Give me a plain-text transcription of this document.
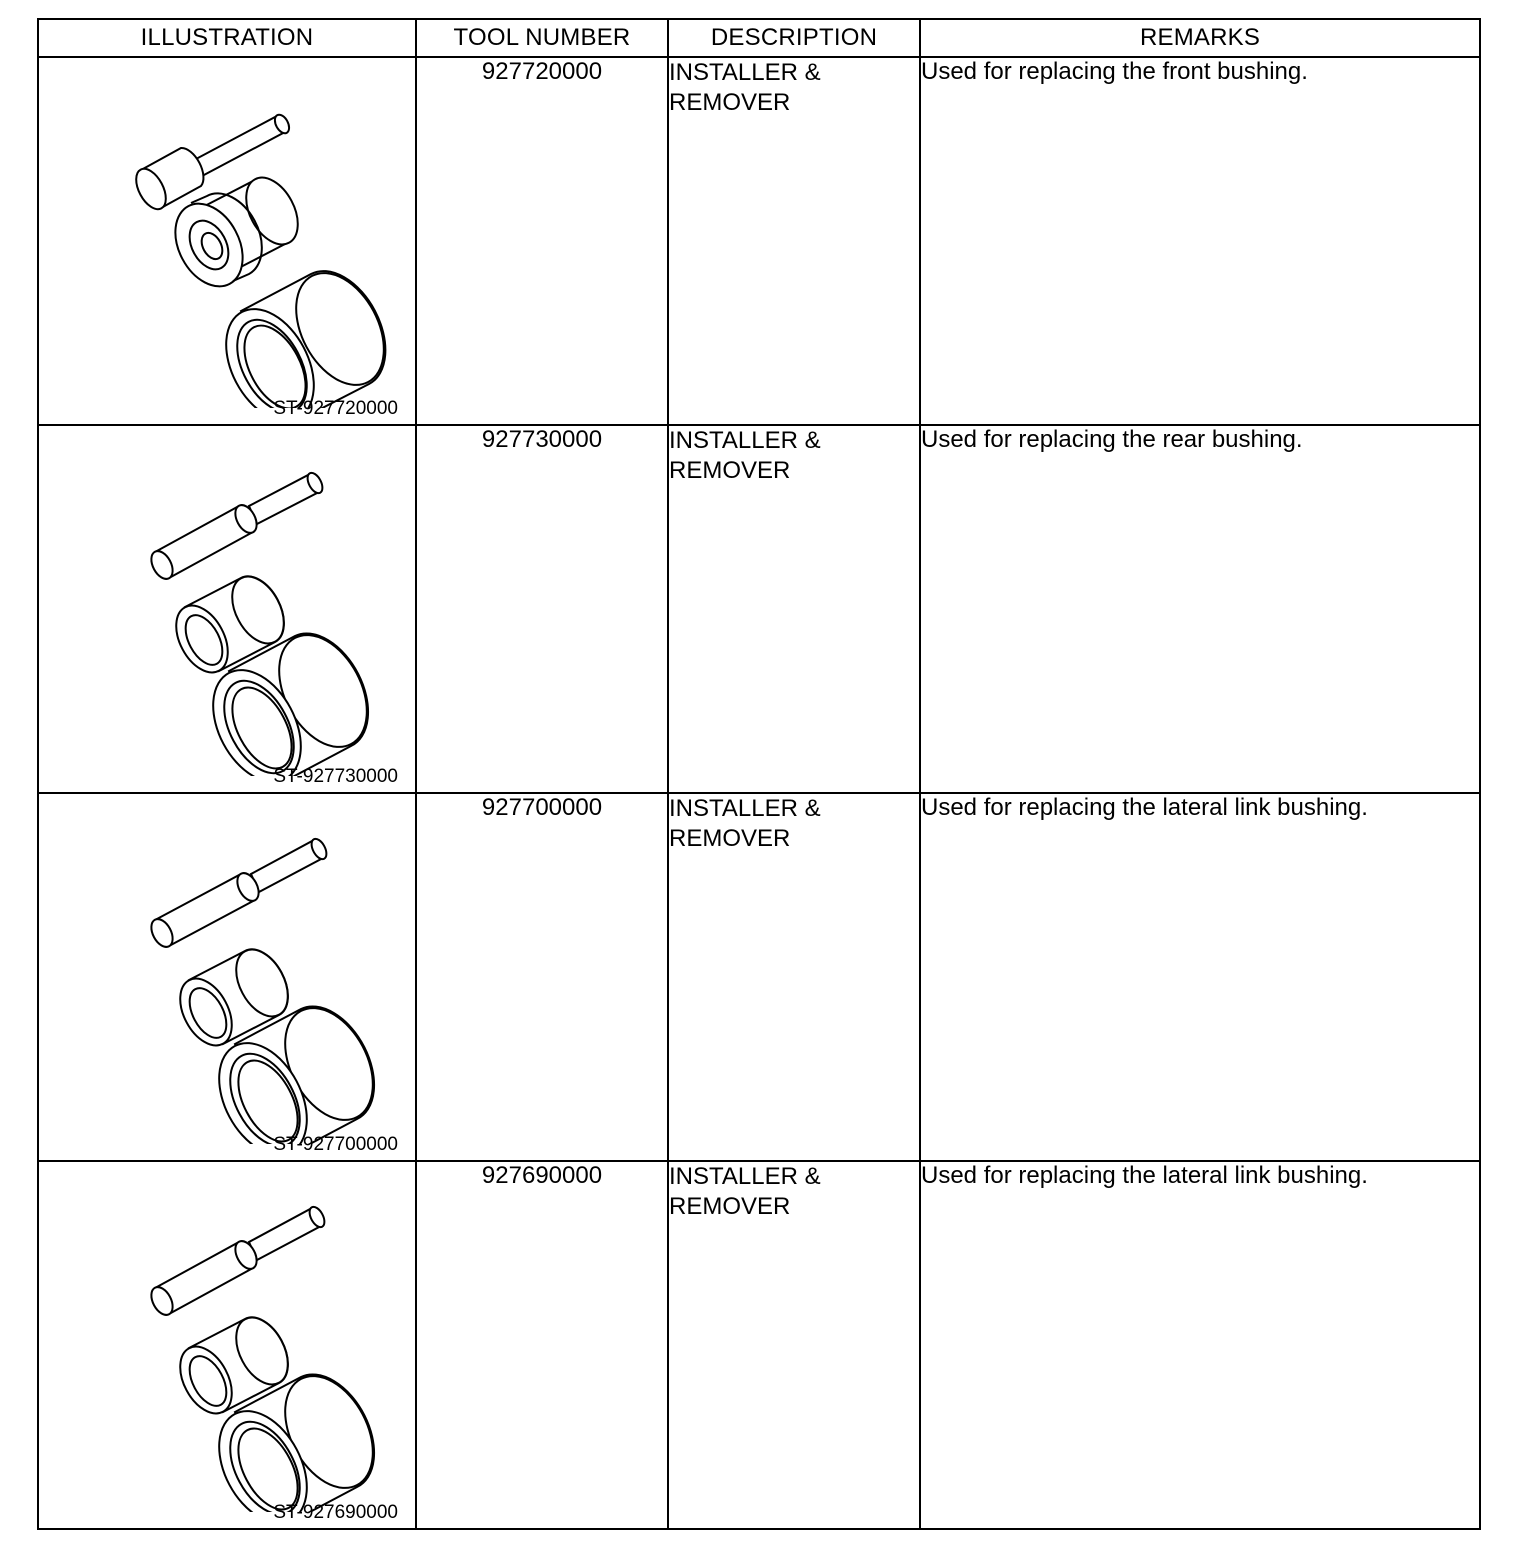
ILLUSTRATION	TOOL NUMBER	DESCRIPTION	REMARKS

ST-927720000	927720000	INSTALLER & REMOVER	Used for replacing the front bushing.

ST-927730000	927730000	INSTALLER & REMOVER	Used for replacing the rear bushing.

ST-927700000	927700000	INSTALLER & REMOVER	Used for replacing the lateral link bushing.

ST-927690000	927690000	INSTALLER & REMOVER	Used for replacing the lateral link bushing.
